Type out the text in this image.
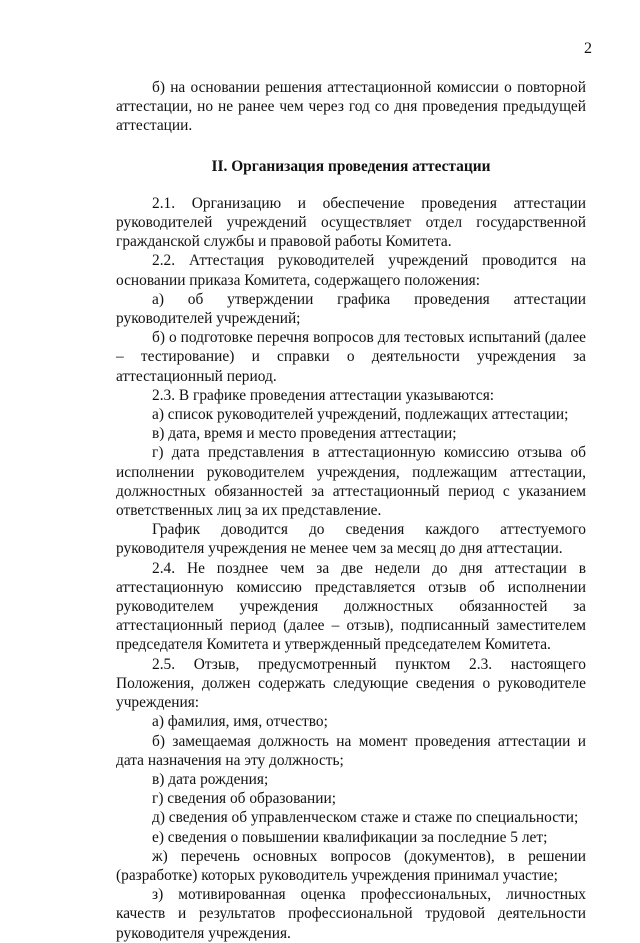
2

б) на основании решения аттестационной комиссии о повторной аттестации, но не ранее чем через год со дня проведения предыдущей аттестации.

II. Организация проведения аттестации

2.1. Организацию и обеспечение проведения аттестации руководителей учреждений осуществляет отдел государственной гражданской службы и правовой работы Комитета.

2.2. Аттестация руководителей учреждений проводится на основании приказа Комитета, содержащего положения:

а) об утверждении графика проведения аттестации руководителей учреждений;

б) о подготовке перечня вопросов для тестовых испытаний (далее – тестирование) и справки о деятельности учреждения за аттестационный период.

2.3. В графике проведения аттестации указываются:

а) список руководителей учреждений, подлежащих аттестации;

в) дата, время и место проведения аттестации;

г) дата представления в аттестационную комиссию отзыва об исполнении руководителем учреждения, подлежащим аттестации, должностных обязанностей за аттестационный период с указанием ответственных лиц за их представление.

График доводится до сведения каждого аттестуемого руководителя учреждения не менее чем за месяц до дня аттестации.

2.4. Не позднее чем за две недели до дня аттестации в аттестационную комиссию представляется отзыв об исполнении руководителем учреждения должностных обязанностей за аттестационный период (далее – отзыв), подписанный заместителем председателя Комитета и утвержденный председателем Комитета.

2.5. Отзыв, предусмотренный пунктом 2.3. настоящего Положения, должен содержать следующие сведения о руководителе учреждения:

а) фамилия, имя, отчество;

б) замещаемая должность на момент проведения аттестации и дата назначения на эту должность;

в) дата рождения;

г) сведения об образовании;

д) сведения об управленческом стаже и стаже по специальности;

е) сведения о повышении квалификации за последние 5 лет;

ж) перечень основных вопросов (документов), в решении (разработке) которых руководитель учреждения принимал участие;

з) мотивированная оценка профессиональных, личностных качеств и результатов профессиональной трудовой деятельности руководителя учреждения.
